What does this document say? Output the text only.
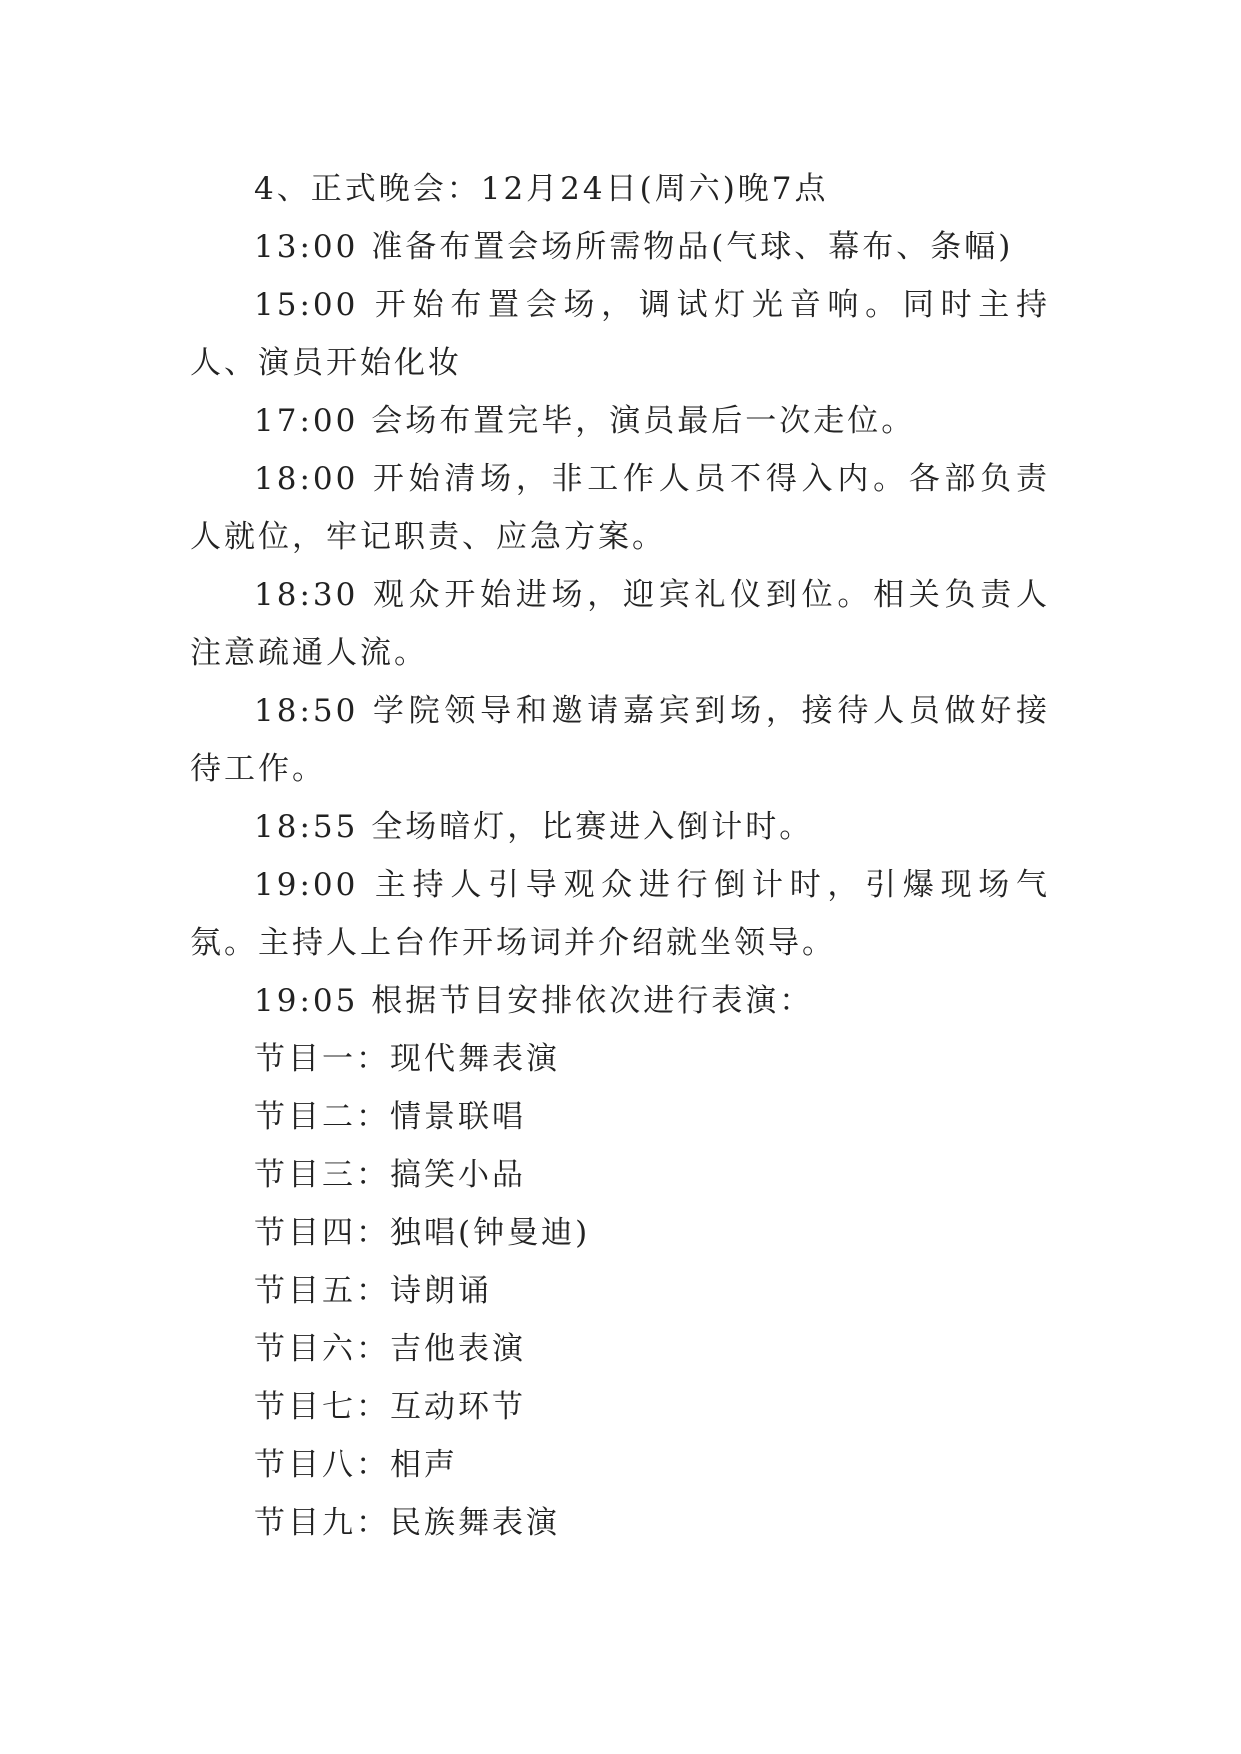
4、正式晚会：12月24日(周六)晚7点

13:00 准备布置会场所需物品(气球、幕布、条幅)

15:00 开始布置会场，调试灯光音响。同时主持人、演员开始化妆

17:00 会场布置完毕，演员最后一次走位。

18:00 开始清场，非工作人员不得入内。各部负责人就位，牢记职责、应急方案。

18:30 观众开始进场，迎宾礼仪到位。相关负责人注意疏通人流。

18:50 学院领导和邀请嘉宾到场，接待人员做好接待工作。

18:55 全场暗灯，比赛进入倒计时。

19:00 主持人引导观众进行倒计时，引爆现场气氛。主持人上台作开场词并介绍就坐领导。

19:05 根据节目安排依次进行表演：

节目一：现代舞表演

节目二：情景联唱

节目三：搞笑小品

节目四：独唱(钟曼迪)

节目五：诗朗诵

节目六：吉他表演

节目七：互动环节

节目八：相声

节目九：民族舞表演
